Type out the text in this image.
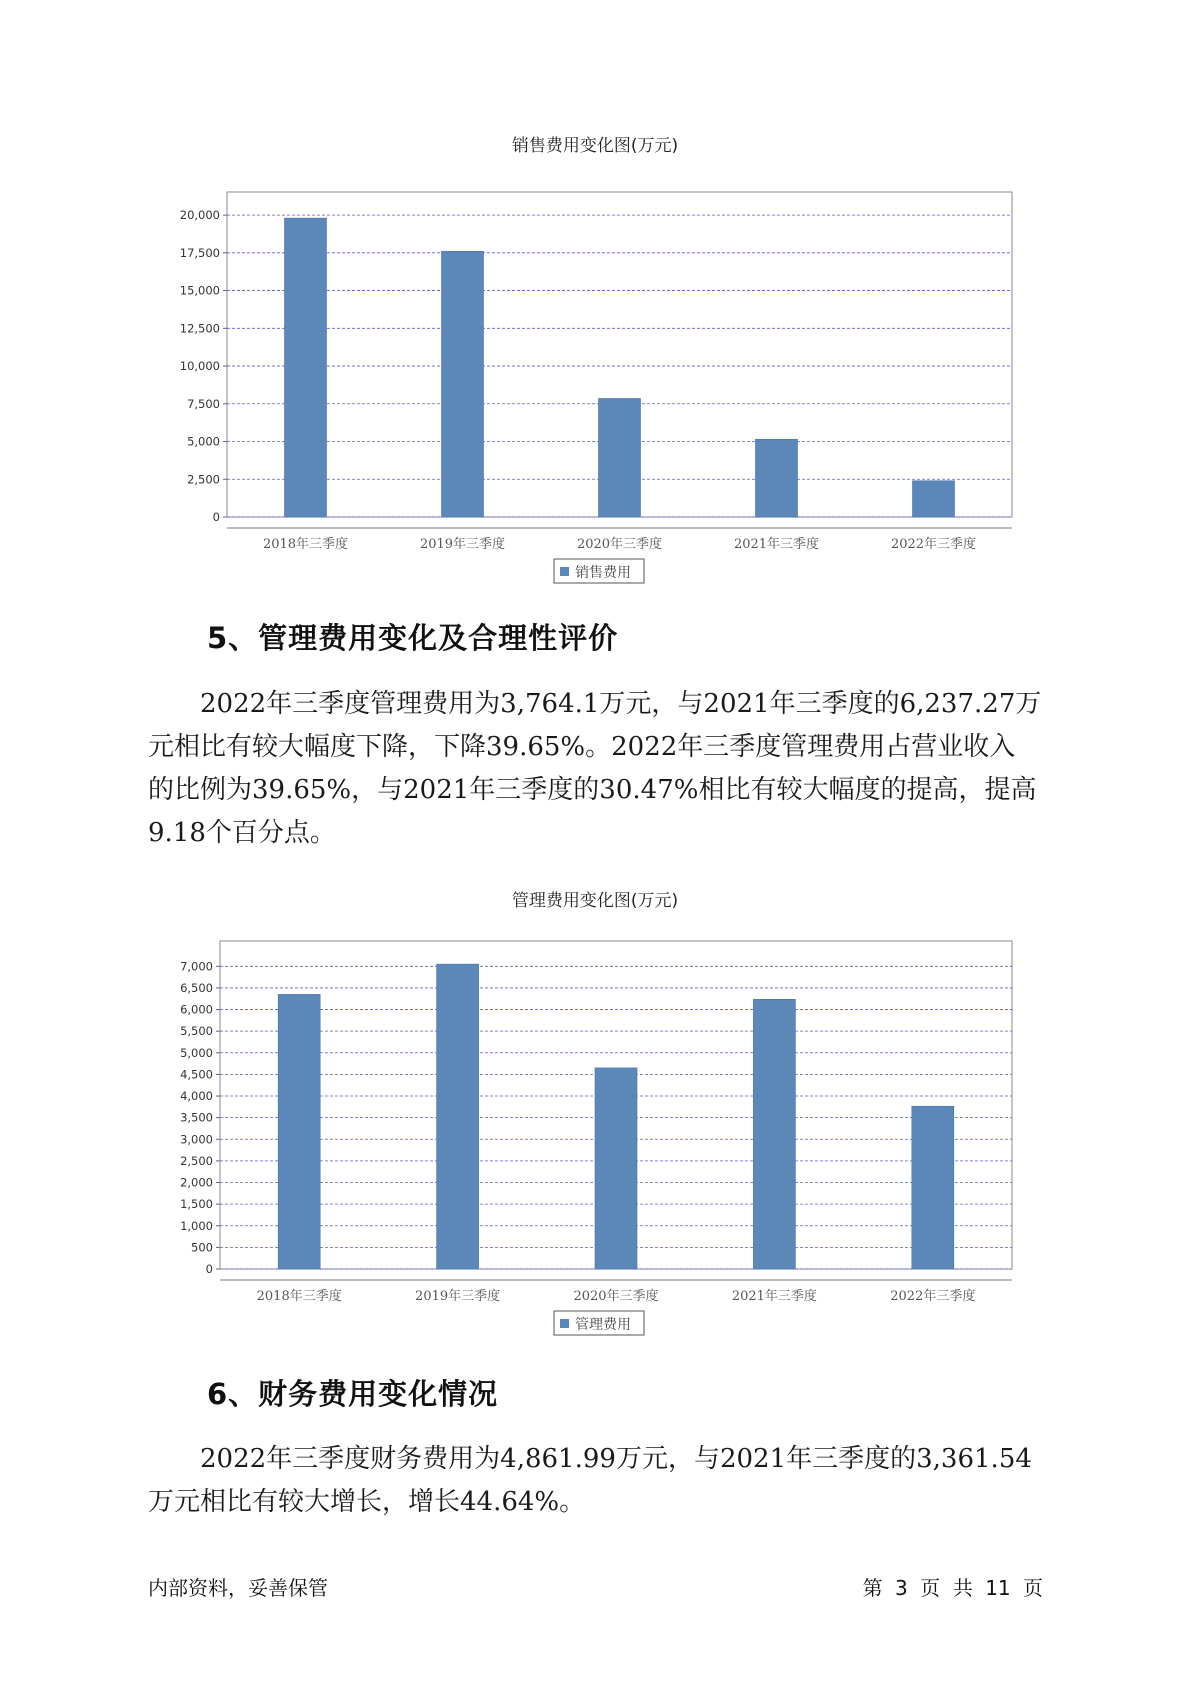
销售费用变化图(万元)
0
2,500
5,000
7,500
10,000
12,500
15,000
17,500
20,000
2018年三季度	2019年三季度	2020年三季度	2021年三季度	2022年三季度
销售费用
5、管理费用变化及合理性评价
2022年三季度管理费用为3,764.1万元，与2021年三季度的6,237.27万
元相比有较大幅度下降，下降39.65%。2022年三季度管理费用占营业收入
的比例为39.65%，与2021年三季度的30.47%相比有较大幅度的提高，提高
9.18个百分点。
管理费用变化图(万元)
0
500
1,000
1,500
2,000
2,500
3,000
3,500
4,000
4,500
5,000
5,500
6,000
6,500
7,000
2018年三季度	2019年三季度	2020年三季度	2021年三季度	2022年三季度
管理费用
6、财务费用变化情况
2022年三季度财务费用为4,861.99万元，与2021年三季度的3,361.54
万元相比有较大增长，增长44.64%。
内部资料，妥善保管	第 3 页  共 11 页
